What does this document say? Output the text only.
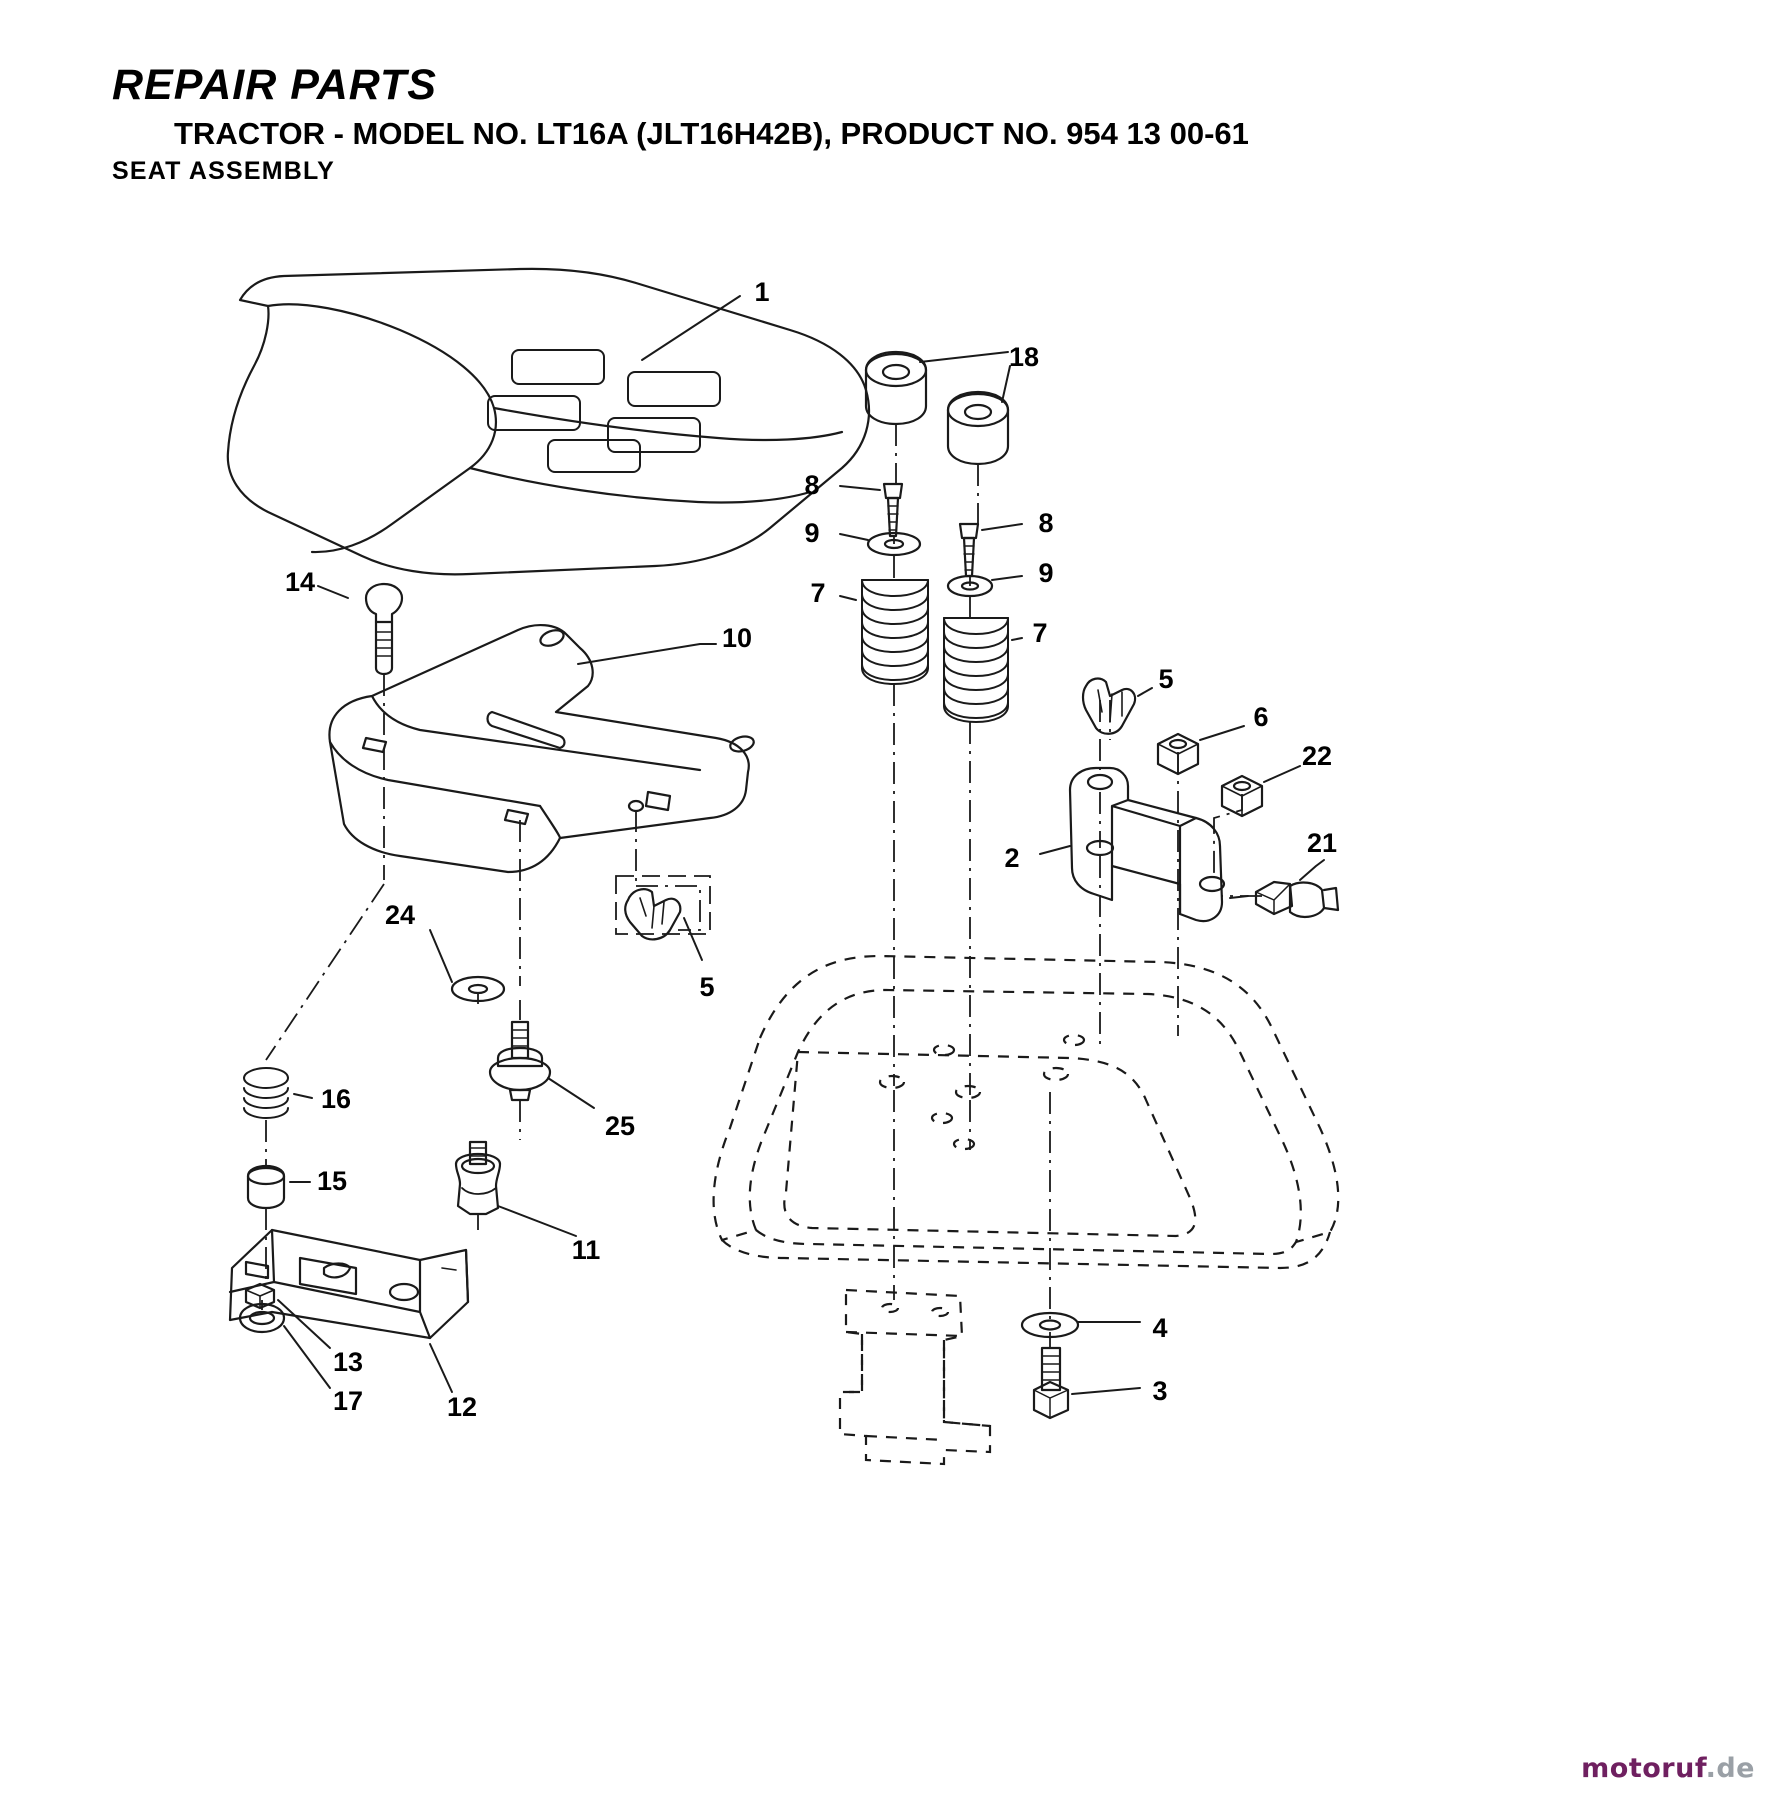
REPAIR PARTS
TRACTOR - MODEL NO. LT16A (JLT16H42B), PRODUCT NO. 954 13 00-61
SEAT ASSEMBLY
1
18
8
8
9
9
7
7
14
10
5
6
22
2	21
24
5
25
16
15
11
4
3
13
17	12
motoruf.de
